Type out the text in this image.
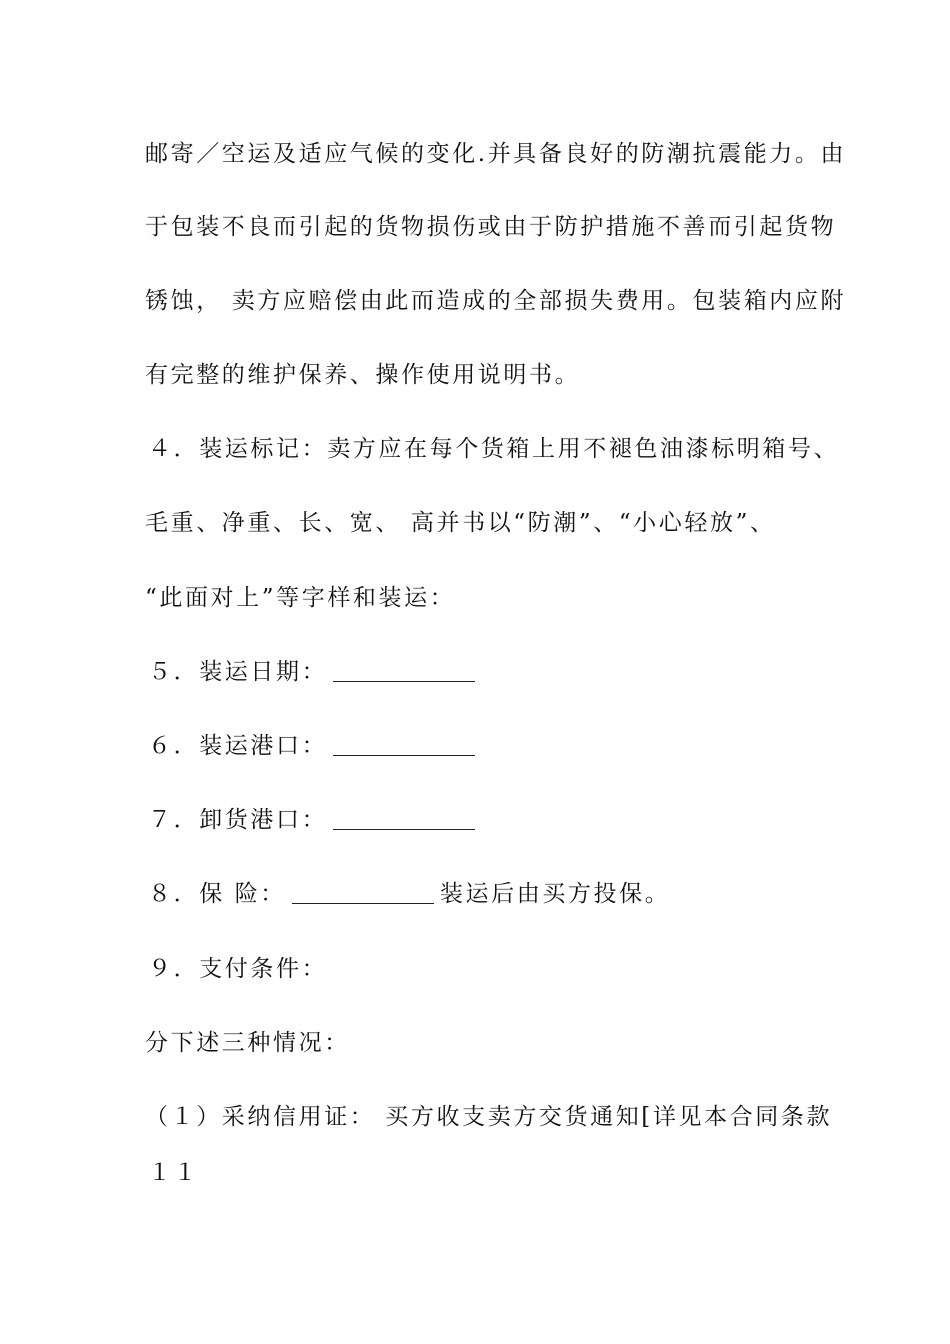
邮寄／空运及适应气候的变化.并具备良好的防潮抗震能力。由
于包装不良而引起的货物损伤或由于防护措施不善而引起货物
锈蚀， 卖方应赔偿由此而造成的全部损失费用。包装箱内应附
有完整的维护保养、操作使用说明书。
４．装运标记：卖方应在每个货箱上用不褪色油漆标明箱号、
毛重、净重、长、宽、 高并书以“防潮”、“小心轻放”、
“此面对上”等字样和装运：
５．装运日期：
６．装运港口：
７．卸货港口：
８．保 险：	装运后由买方投保。
９．支付条件：
分下述三种情况：
（１）采纳信用证： 买方收支卖方交货通知[详见本合同条款
１１
